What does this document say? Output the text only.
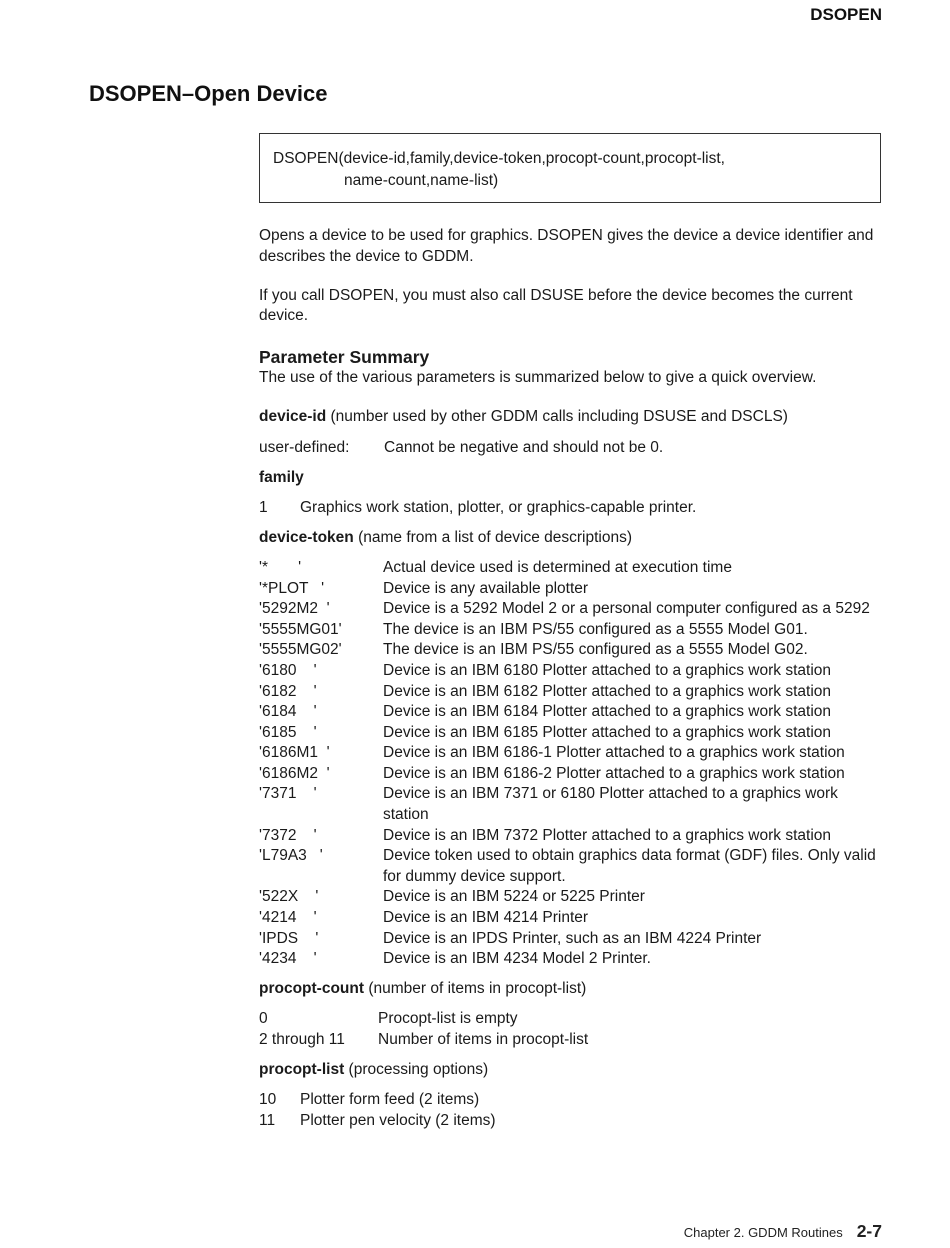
DSOPEN
DSOPEN–Open Device
DSOPEN(device-id,family,device-token,procopt-count,procopt-list,
name-count,name-list)

Opens a device to be used for graphics. DSOPEN gives the device a device identifier and describes the device to GDDM.

If you call DSOPEN, you must also call DSUSE before the device becomes the current device.

Parameter Summary

The use of the various parameters is summarized below to give a quick overview.

device-id (number used by other GDDM calls including DSUSE and DSCLS)
user-defined:	Cannot be negative and should not be 0.
family
1	Graphics work station, plotter, or graphics-capable printer.
device-token (name from a list of device descriptions)
'*       '	Actual device used is determined at execution time
'*PLOT   '	Device is any available plotter
'5292M2  '	Device is a 5292 Model 2 or a personal computer configured as a 5292
'5555MG01'	The device is an IBM PS/55 configured as a 5555 Model G01.
'5555MG02'	The device is an IBM PS/55 configured as a 5555 Model G02.
'6180    '	Device is an IBM 6180 Plotter attached to a graphics work station
'6182    '	Device is an IBM 6182 Plotter attached to a graphics work station
'6184    '	Device is an IBM 6184 Plotter attached to a graphics work station
'6185    '	Device is an IBM 6185 Plotter attached to a graphics work station
'6186M1  '	Device is an IBM 6186-1 Plotter attached to a graphics work station
'6186M2  '	Device is an IBM 6186-2 Plotter attached to a graphics work station
'7371    '	Device is an IBM 7371 or 6180 Plotter attached to a graphics work station
'7372    '	Device is an IBM 7372 Plotter attached to a graphics work station
'L79A3   '	Device token used to obtain graphics data format (GDF) files. Only valid for dummy device support.
'522X    '	Device is an IBM 5224 or 5225 Printer
'4214    '	Device is an IBM 4214 Printer
'IPDS    '	Device is an IPDS Printer, such as an IBM 4224 Printer
'4234    '	Device is an IBM 4234 Model 2 Printer.
procopt-count (number of items in procopt-list)
0	Procopt-list is empty
2 through 11	Number of items in procopt-list
procopt-list (processing options)
10	Plotter form feed (2 items)
11	Plotter pen velocity (2 items)
Chapter 2. GDDM Routines 2-7
